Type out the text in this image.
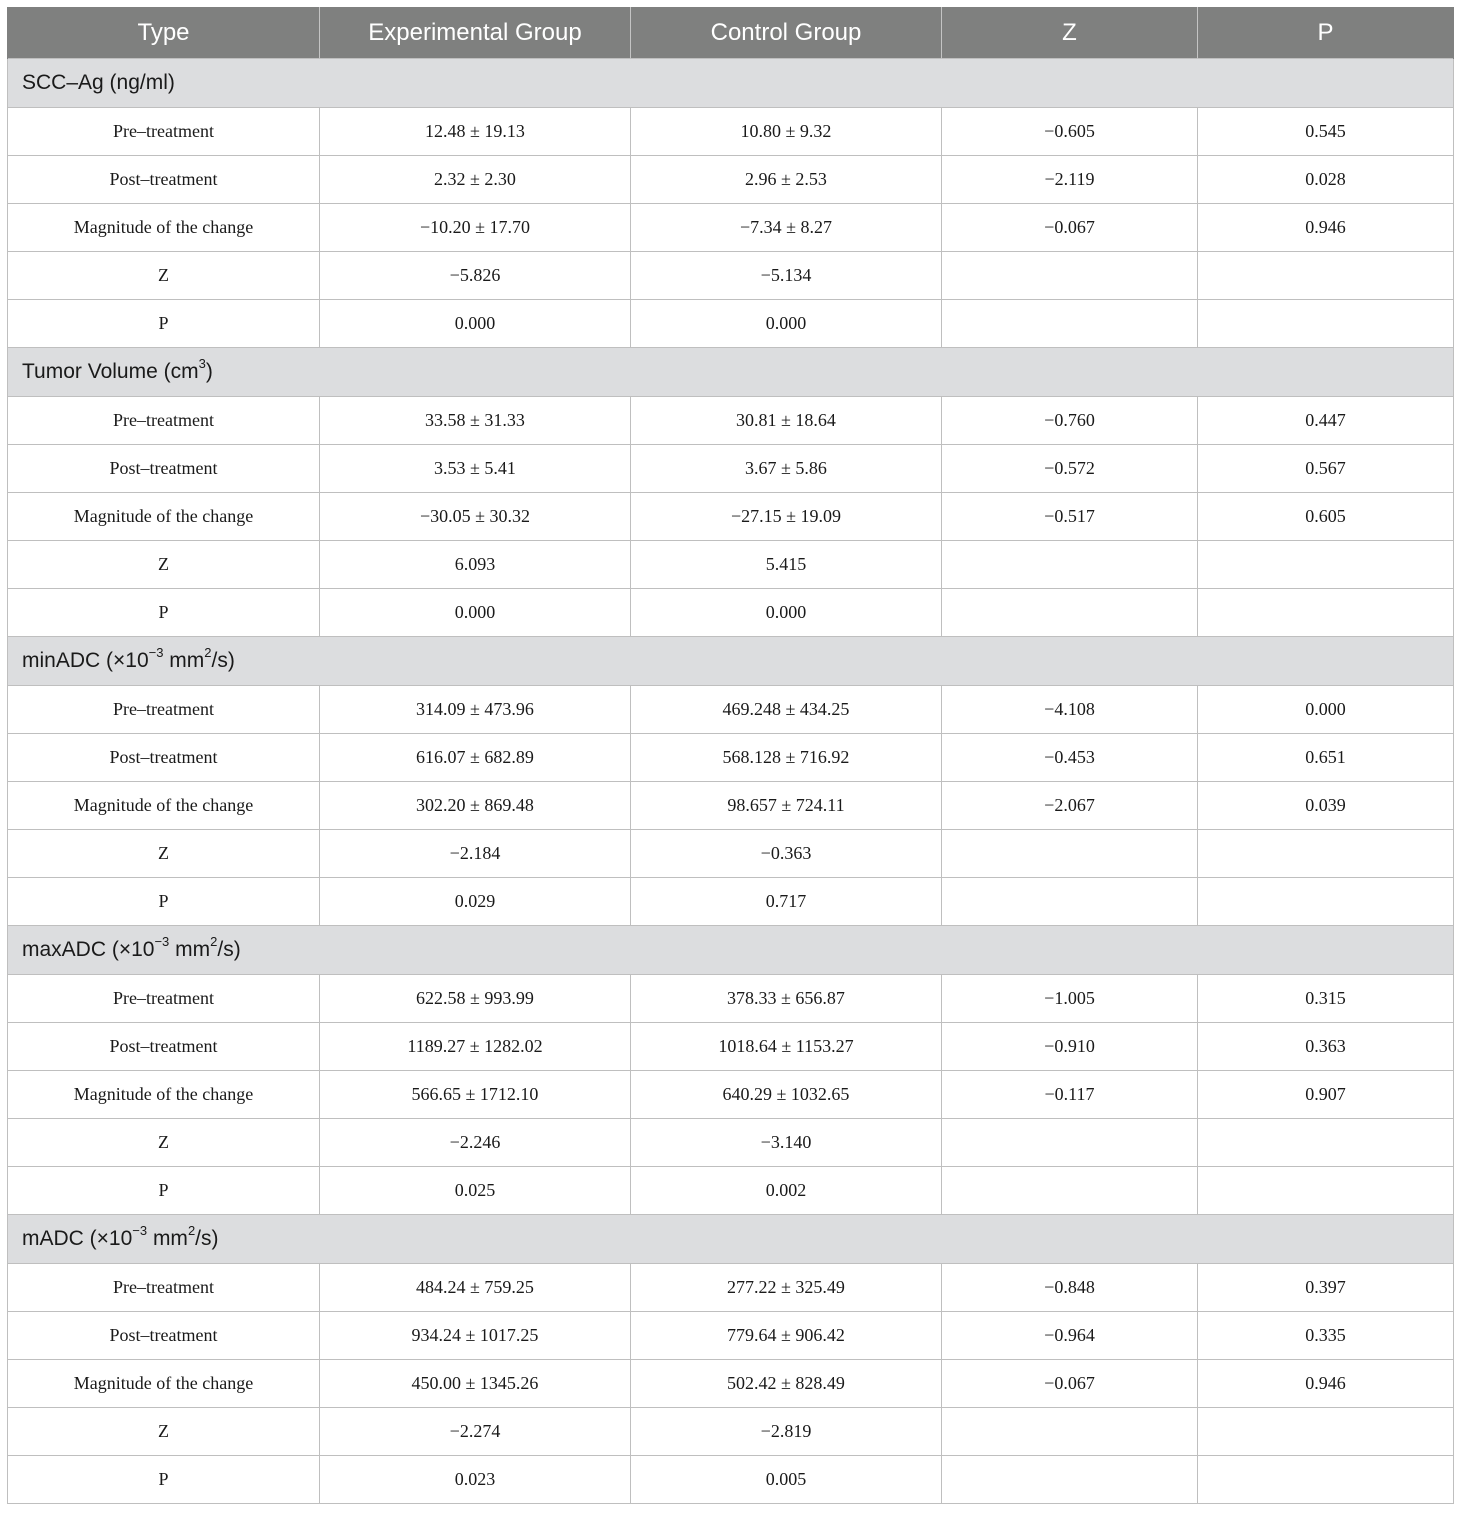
Type	Experimental Group	Control Group	Z	P
SCC–Ag (ng/ml)				
Pre–treatment	12.48 ± 19.13	10.80 ± 9.32	−0.605	0.545
Post–treatment	2.32 ± 2.30	2.96 ± 2.53	−2.119	0.028
Magnitude of the change	−10.20 ± 17.70	−7.34 ± 8.27	−0.067	0.946
Z	−5.826	−5.134		
P	0.000	0.000		
Tumor Volume $(cm^3)$				
Pre–treatment	33.58 ± 31.33	30.81 ± 18.64	−0.760	0.447
Post–treatment	3.53 ± 5.41	3.67 ± 5.86	−0.572	0.567
Magnitude of the change	−30.05 ± 30.32	−27.15 ± 19.09	−0.517	0.605
Z	6.093	5.415		
P	0.000	0.000		
minADC ($\times 10^{-3}$ $mm^2/s$)				
Pre–treatment	314.09 ± 473.96	469.248 ± 434.25	−4.108	0.000
Post–treatment	616.07 ± 682.89	568.128 ± 716.92	−0.453	0.651
Magnitude of the change	302.20 ± 869.48	98.657 ± 724.11	−2.067	0.039
Z	−2.184	−0.363		
P	0.029	0.717		
maxADC ($\times 10^{-3}$ $mm^2/s$)				
Pre–treatment	622.58 ± 993.99	378.33 ± 656.87	−1.005	0.315
Post–treatment	1189.27 ± 1282.02	1018.64 ± 1153.27	−0.910	0.363
Magnitude of the change	566.65 ± 1712.10	640.29 ± 1032.65	−0.117	0.907
Z	−2.246	−3.140		
P	0.025	0.002		
mADC ($\times 10^{-3}$ $mm^2/s$)				
Pre–treatment	484.24 ± 759.25	277.22 ± 325.49	−0.848	0.397
Post–treatment	934.24 ± 1017.25	779.64 ± 906.42	−0.964	0.335
Magnitude of the change	450.00 ± 1345.26	502.42 ± 828.49	−0.067	0.946
Z	−2.274	−2.819		
P	0.023	0.005		
